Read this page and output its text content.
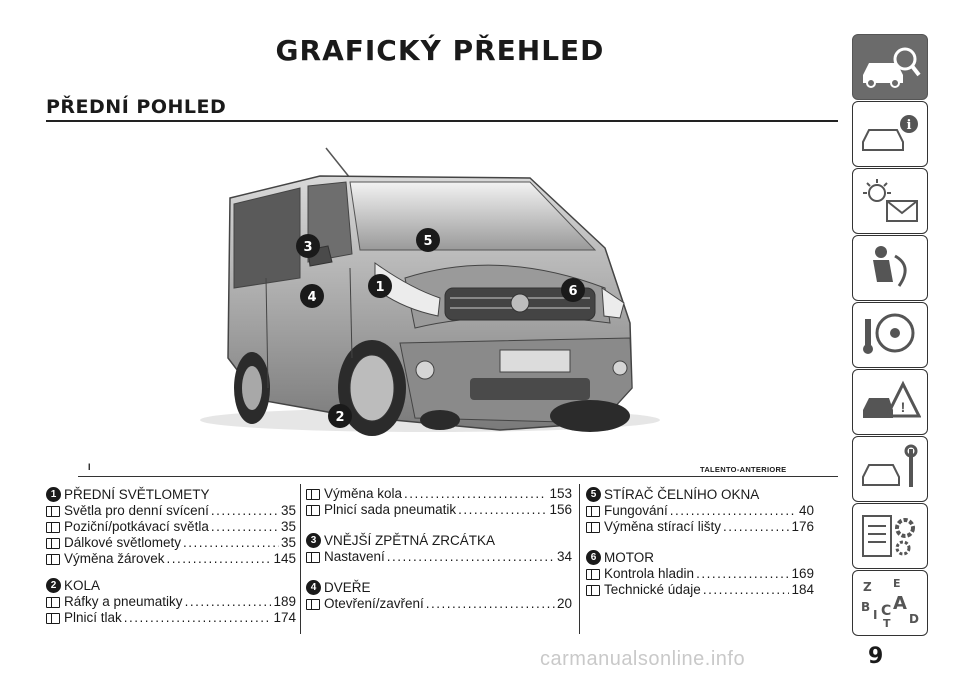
GRAFICKÝ PŘEHLED
PŘEDNÍ POHLED
1
2
3
4
5
6
I	TALENTO-ANTERIORE
1 PŘEDNÍ SVĚTLOMETY
Světla pro denní svícení .....	35
Poziční/potkávací světla .....	35
Dálkové světlomety .....	35
Výměna žárovek .....	145
2 KOLA
Ráfky a pneumatiky .....	189
Plnicí tlak .....	174
Výměna kola .....	153
Plnicí sada pneumatik .....	156
3 VNĚJŠÍ ZPĚTNÁ ZRCÁTKA
Nastavení .....	34
4 DVEŘE
Otevření/zavření .....	20
5 STÍRAČ ČELNÍHO OKNA
Fungování .....	40
Výměna stírací lišty .....	176
6 MOTOR
Kontrola hladin .....	169
Technické údaje .....	184
i
!
Z E
B A
I C
T D
carmanualsonline.info	9
